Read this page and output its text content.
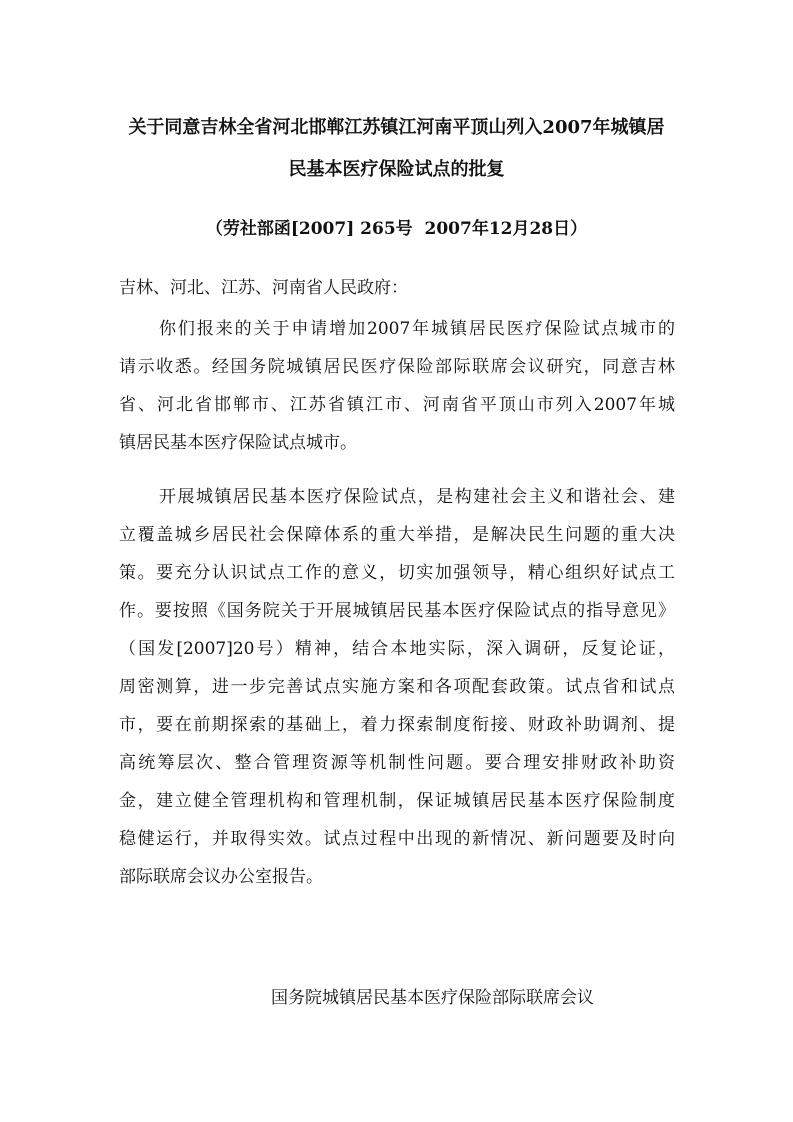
关于同意吉林全省河北邯郸江苏镇江河南平顶山列入2007年城镇居
民基本医疗保险试点的批复

（劳社部函[2007] 265号  2007年12月28日）

吉林、河北、江苏、河南省人民政府：

你们报来的关于申请增加2007年城镇居民医疗保险试点城市的
请示收悉。经国务院城镇居民医疗保险部际联席会议研究，同意吉林
省、河北省邯郸市、江苏省镇江市、河南省平顶山市列入2007年城
镇居民基本医疗保险试点城市。
开展城镇居民基本医疗保险试点，是构建社会主义和谐社会、建
立覆盖城乡居民社会保障体系的重大举措，是解决民生问题的重大决
策。要充分认识试点工作的意义，切实加强领导，精心组织好试点工
作。要按照《国务院关于开展城镇居民基本医疗保险试点的指导意见》
（国发[2007]20号）精神，结合本地实际，深入调研，反复论证，
周密测算，进一步完善试点实施方案和各项配套政策。试点省和试点
市，要在前期探索的基础上，着力探索制度衔接、财政补助调剂、提
高统筹层次、整合管理资源等机制性问题。要合理安排财政补助资
金，建立健全管理机构和管理机制，保证城镇居民基本医疗保险制度
稳健运行，并取得实效。试点过程中出现的新情况、新问题要及时向
部际联席会议办公室报告。

国务院城镇居民基本医疗保险部际联席会议
